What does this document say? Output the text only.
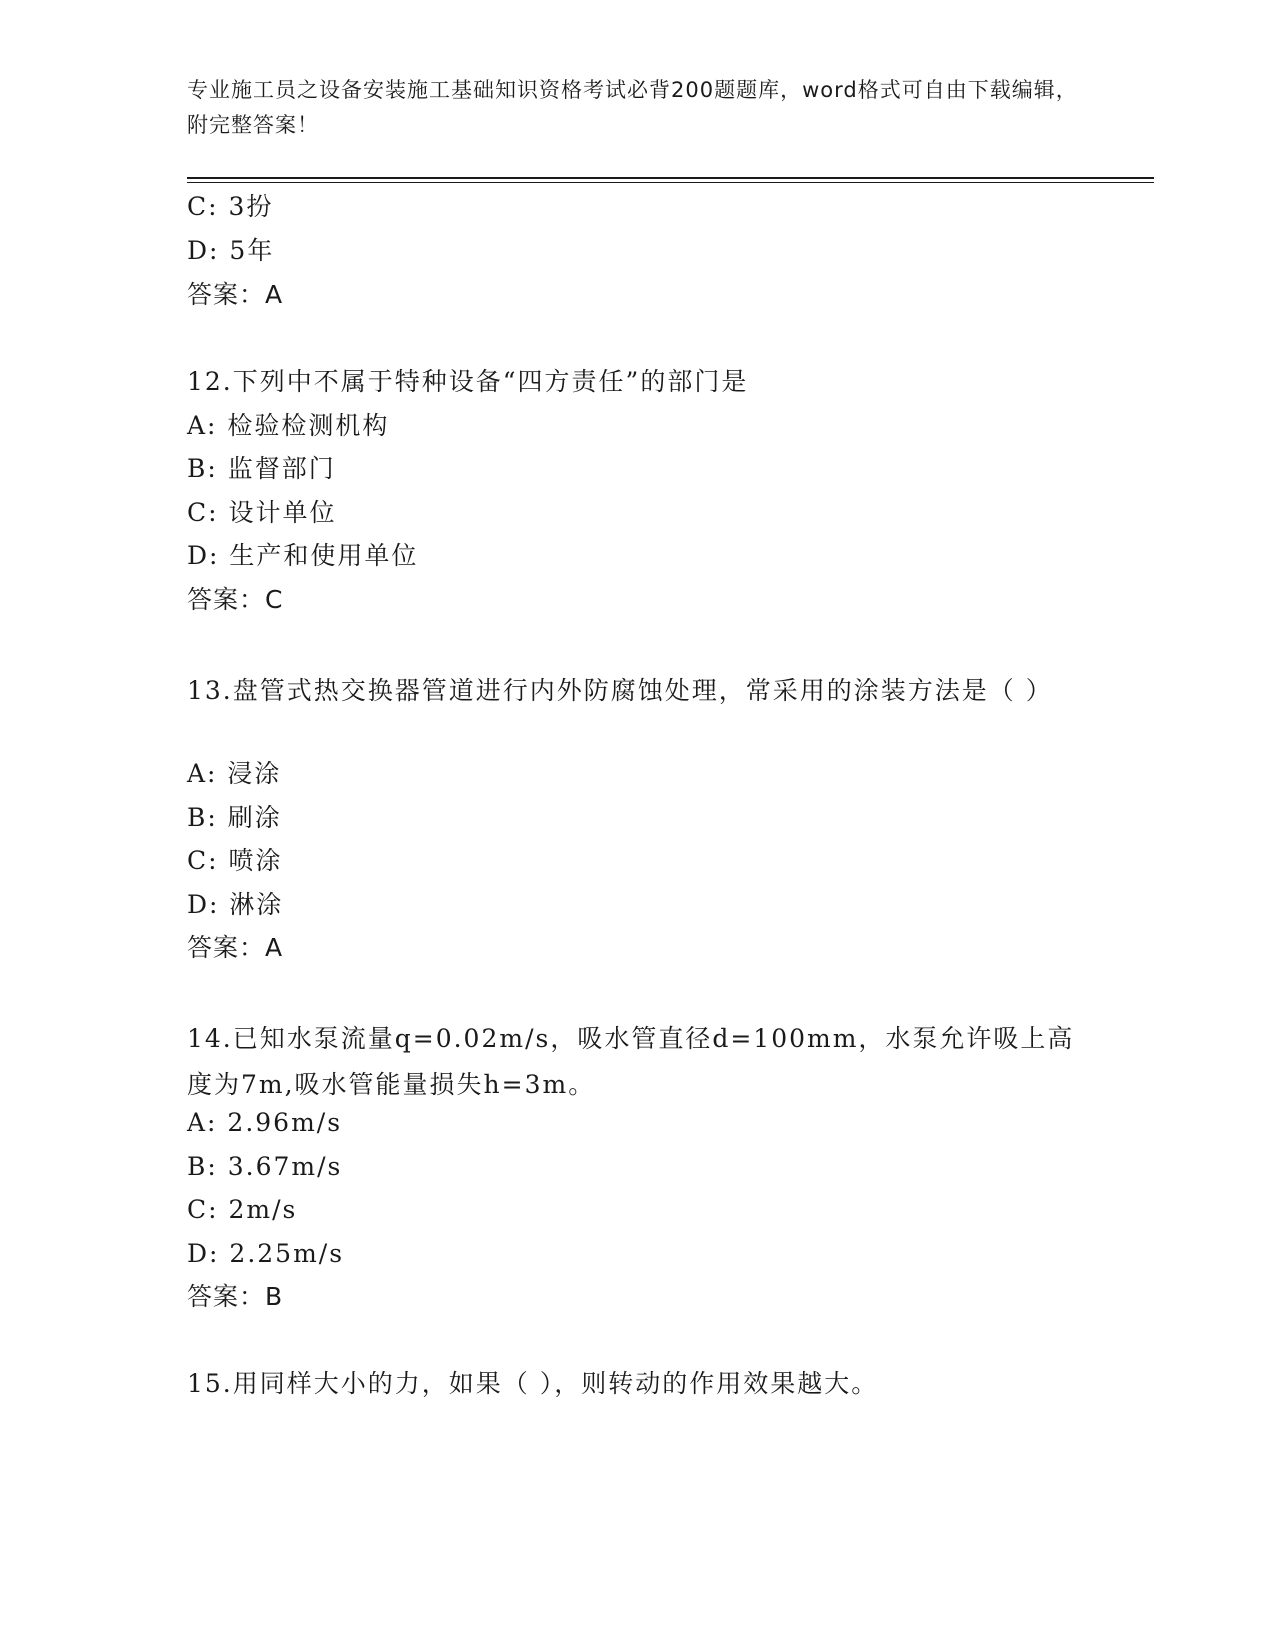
专业施工员之设备安装施工基础知识资格考试必背200题题库，word格式可自由下载编辑，附完整答案！
C: 3扮
D: 5年
答案：A
12.下列中不属于特种设备“四方责任”的部门是
A: 检验检测机构
B: 监督部门
C: 设计单位
D: 生产和使用单位
答案：C
13.盘管式热交换器管道进行内外防腐蚀处理，常采用的涂装方法是（ ）
A: 浸涂
B: 刷涂
C: 喷涂
D: 淋涂
答案：A
14.已知水泵流量q=0.02m/s，吸水管直径d=100mm，水泵允许吸上高度为7m,吸水管能量损失h=3m。
A: 2.96m/s
B: 3.67m/s
C: 2m/s
D: 2.25m/s
答案：B
15.用同样大小的力，如果（ ），则转动的作用效果越大。
